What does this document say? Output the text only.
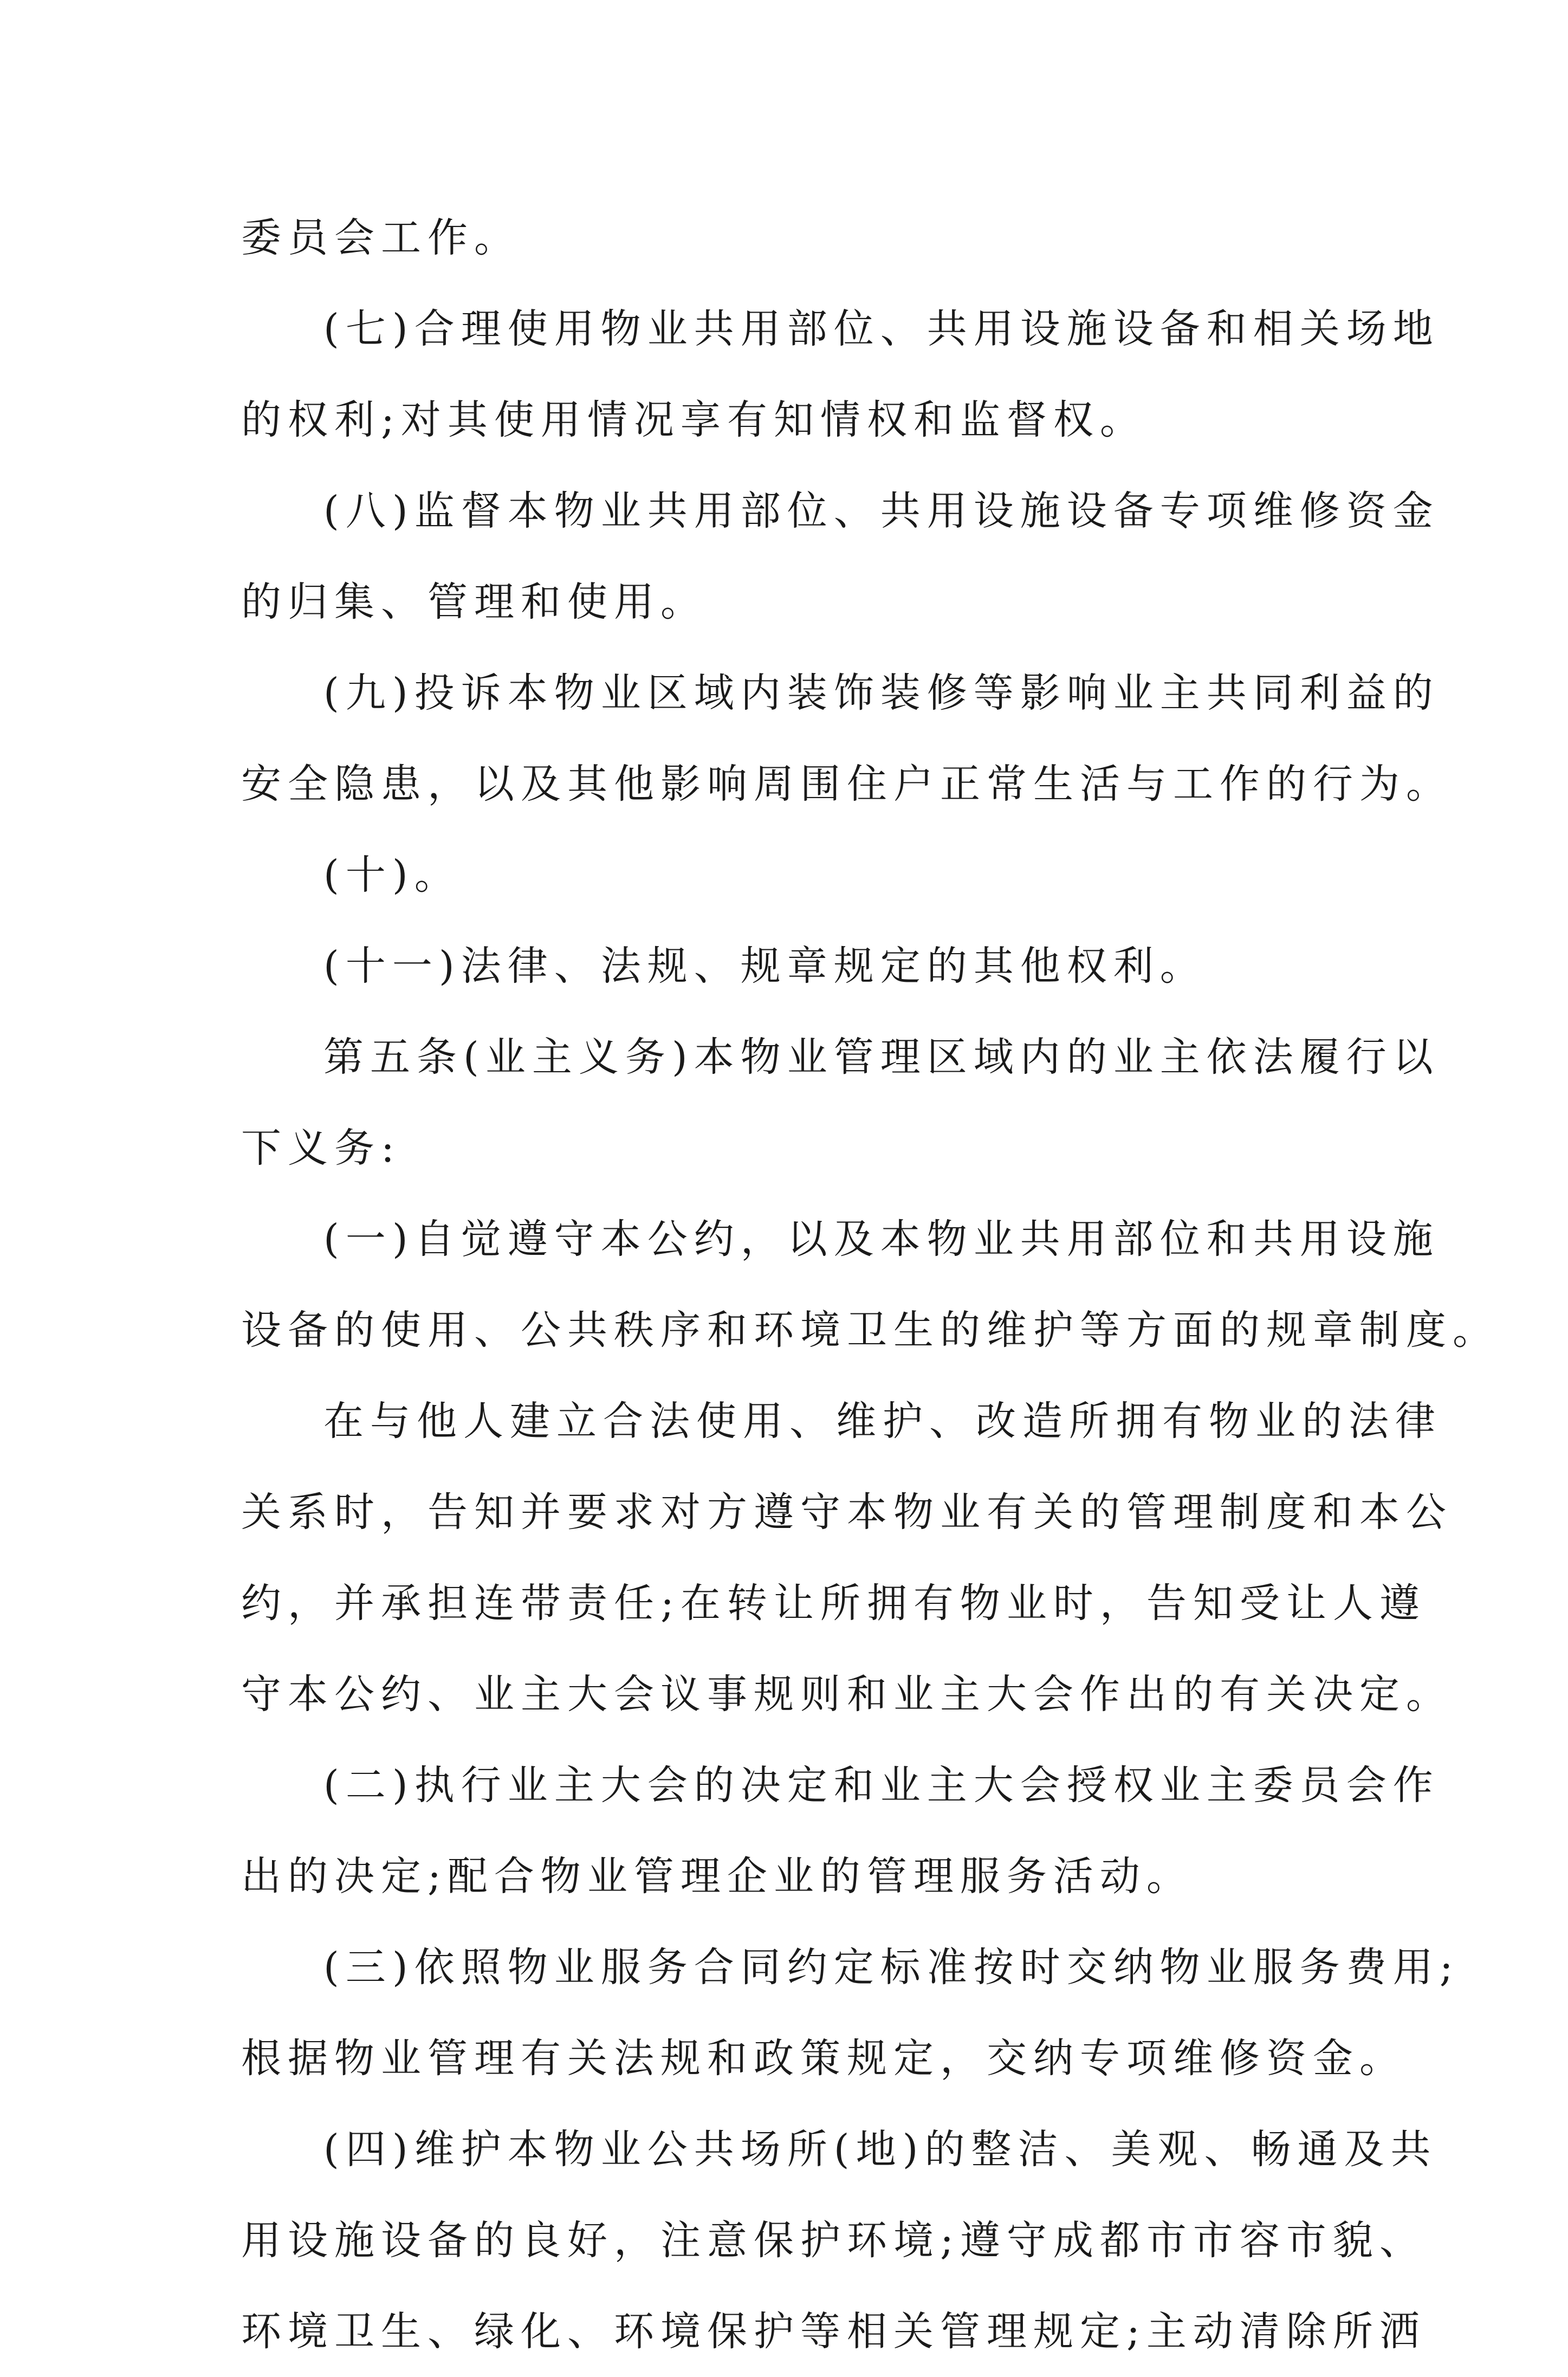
委员会工作。
(七)合理使用物业共用部位、共用设施设备和相关场地
的权利;对其使用情况享有知情权和监督权。
(八)监督本物业共用部位、共用设施设备专项维修资金
的归集、管理和使用。
(九)投诉本物业区域内装饰装修等影响业主共同利益的
安全隐患，以及其他影响周围住户正常生活与工作的行为。
(十)。
(十一)法律、法规、规章规定的其他权利。
第五条(业主义务)本物业管理区域内的业主依法履行以
下义务:
(一)自觉遵守本公约，以及本物业共用部位和共用设施
设备的使用、公共秩序和环境卫生的维护等方面的规章制度。
在与他人建立合法使用、维护、改造所拥有物业的法律
关系时，告知并要求对方遵守本物业有关的管理制度和本公
约，并承担连带责任;在转让所拥有物业时，告知受让人遵
守本公约、业主大会议事规则和业主大会作出的有关决定。
(二)执行业主大会的决定和业主大会授权业主委员会作
出的决定;配合物业管理企业的管理服务活动。
(三)依照物业服务合同约定标准按时交纳物业服务费用;
根据物业管理有关法规和政策规定，交纳专项维修资金。
(四)维护本物业公共场所(地)的整洁、美观、畅通及共
用设施设备的良好，注意保护环境;遵守成都市市容市貌、
环境卫生、绿化、环境保护等相关管理规定;主动清除所洒
